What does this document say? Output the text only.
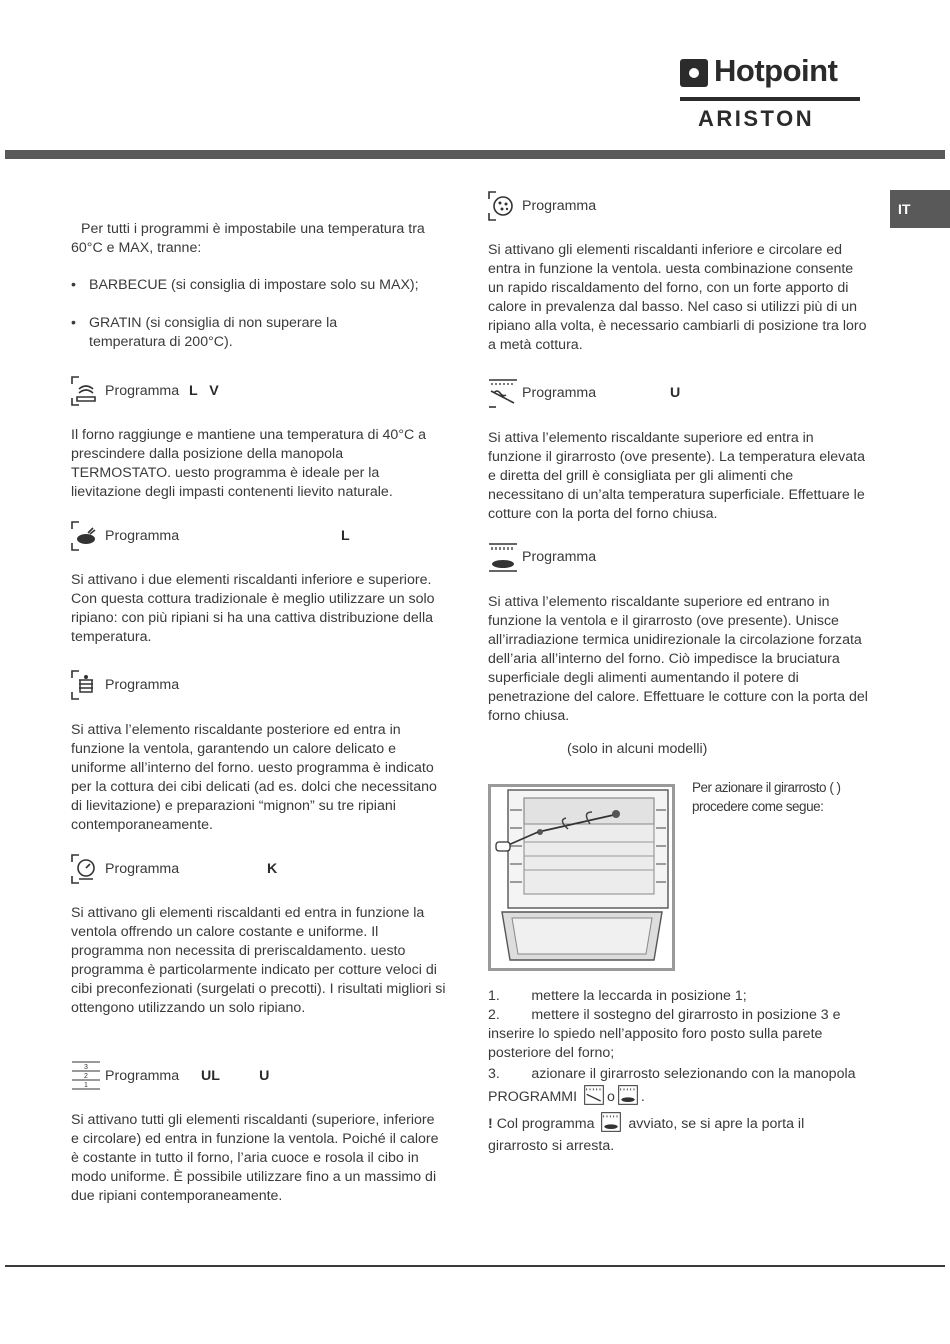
Hotpoint
ARISTON
IT
Per tutti i programmi è impostabile una temperatura tra 60°C e MAX, tranne:
• BARBECUE (si consiglia di impostare solo su MAX);
• GRATIN (si consiglia di non superare la temperatura di 200°C).
Programma L   V
Il forno raggiunge e mantiene una temperatura di 40°C a prescindere dalla posizione della manopola TERMOSTATO. uesto programma è ideale per la lievitazione degli impasti contenenti lievito naturale.
Programma	L
Si attivano i due elementi riscaldanti inferiore e superiore. Con questa cottura tradizionale è meglio utilizzare un solo ripiano: con più ripiani si ha una cattiva distribuzione della temperatura.
Programma
Si attiva l’elemento riscaldante posteriore ed entra in funzione la ventola, garantendo un calore delicato e uniforme all’interno del forno. uesto programma è indicato per la cottura dei cibi delicati (ad es. dolci che necessitano di lievitazione) e preparazioni “mignon” su tre ripiani contemporaneamente.
Programma	K
Si attivano gli elementi riscaldanti ed entra in funzione la ventola offrendo un calore costante e uniforme. Il programma non necessita di preriscaldamento. uesto programma è particolarmente indicato per cotture veloci di cibi preconfezionati (surgelati o precotti). I risultati migliori si ottengono utilizzando un solo ripiano.
3
2
1
Programma UL          U
Si attivano tutti gli elementi riscaldanti (superiore, inferiore e circolare) ed entra in funzione la ventola. Poiché il calore è costante in tutto il forno, l’aria cuoce e rosola il cibo in modo uniforme. È possibile utilizzare fino a un massimo di due ripiani contemporaneamente.
Programma
Si attivano gli elementi riscaldanti inferiore e circolare ed entra in funzione la ventola. uesta combinazione consente un rapido riscaldamento del forno, con un forte apporto di calore in prevalenza dal basso. Nel caso si utilizzi più di un ripiano alla volta, è necessario cambiarli di posizione tra loro a metà cottura.
Programma	U
Si attiva l’elemento riscaldante superiore ed entra in funzione il girarrosto (ove presente). La temperatura elevata e diretta del grill è consigliata per gli alimenti che necessitano di un’alta temperatura superficiale. Effettuare le cotture con la porta del forno chiusa.
Programma
Si attiva l’elemento riscaldante superiore ed entrano in funzione la ventola e il girarrosto (ove presente). Unisce all’irradiazione termica unidirezionale la circolazione forzata dell’aria all’interno del forno. Ciò impedisce la bruciatura superficiale degli alimenti aumentando il potere di penetrazione del calore. Effettuare le cotture con la porta del forno chiusa.
(solo in alcuni modelli)
Per azionare il girarrosto ( ) procedere come segue:
1.        mettere la leccarda in posizione 1;
2.        mettere il sostegno del girarrosto in posizione 3 e inserire lo spiedo nell’apposito foro posto sulla parete posteriore del forno;
3.        azionare il girarrosto selezionando con la manopola PROGRAMMI o .
! Col programma avviato, se si apre la porta il girarrosto si arresta.
